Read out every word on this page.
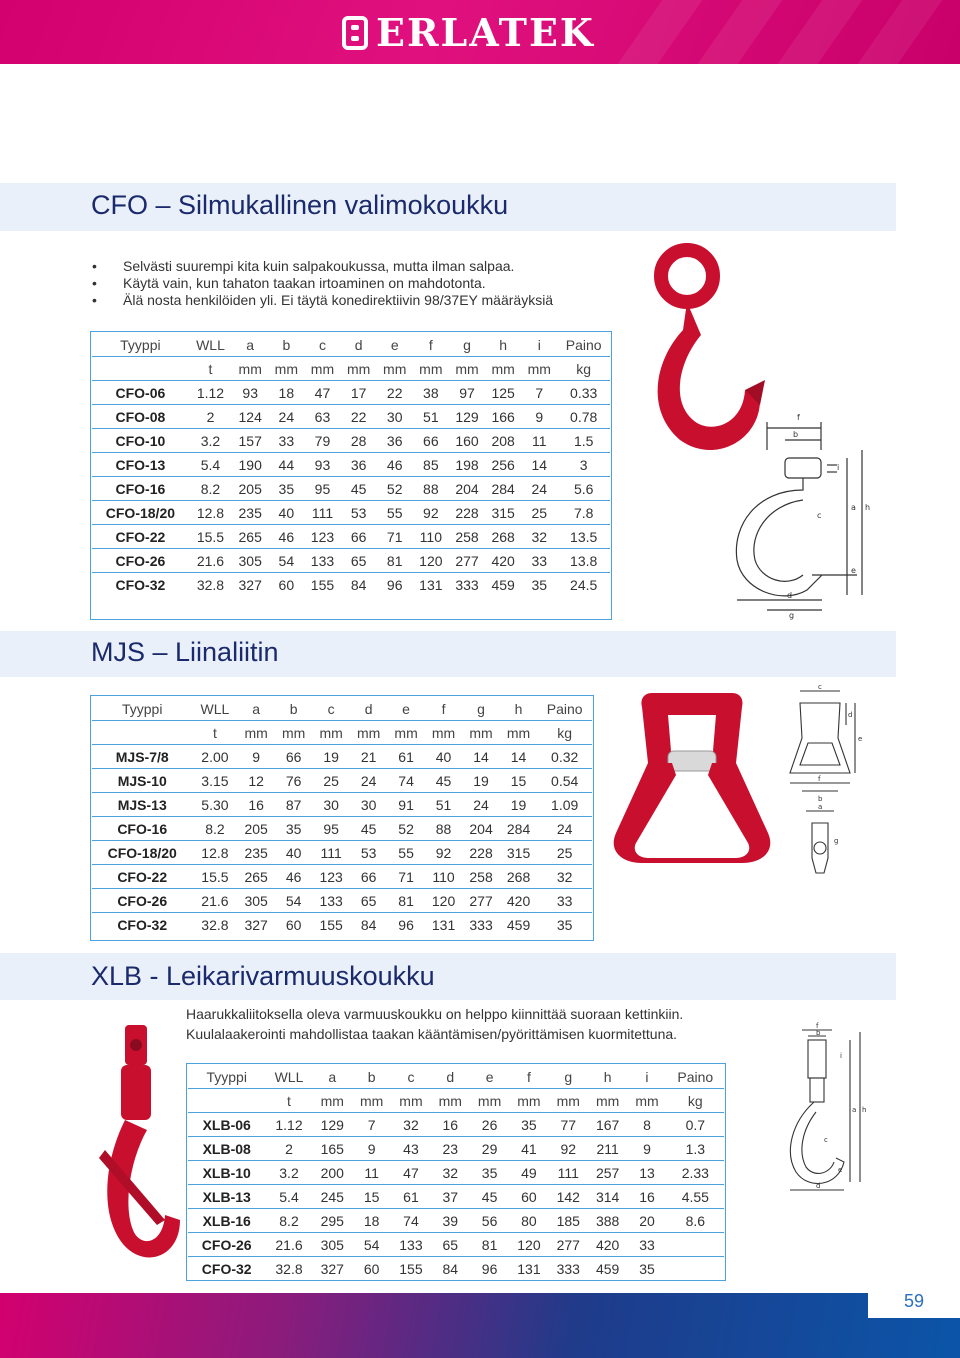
ERLATEK
CFO – Silmukallinen valimokoukku
• Selvästi suurempi kita kuin salpakoukussa, mutta ilman salpaa.
• Käytä vain, kun tahaton taakan irtoaminen on mahdotonta.
• Älä nosta henkilöiden yli. Ei täytä konedirektiivin 98/37EY määräyksiä
Tyyppi	WLL	a	b	c	d	e	f	g	h	i	Paino
	t	mm	mm	mm	mm	mm	mm	mm	mm	mm	kg
CFO-06	1.12	93	18	47	17	22	38	97	125	7	0.33
CFO-08	2	124	24	63	22	30	51	129	166	9	0.78
CFO-10	3.2	157	33	79	28	36	66	160	208	11	1.5
CFO-13	5.4	190	44	93	36	46	85	198	256	14	3
CFO-16	8.2	205	35	95	45	52	88	204	284	24	5.6
CFO-18/20	12.8	235	40	111	53	55	92	228	315	25	7.8
CFO-22	15.5	265	46	123	66	71	110	258	268	32	13.5
CFO-26	21.6	305	54	133	65	81	120	277	420	33	13.8
CFO-32	32.8	327	60	155	84	96	131	333	459	35	24.5
f
b
i
c
a h
e
d
g
MJS – Liinaliitin
Tyyppi	WLL	a	b	c	d	e	f	g	h	Paino
	t	mm	mm	mm	mm	mm	mm	mm	mm	kg
MJS-7/8	2.00	9	66	19	21	61	40	14	14	0.32
MJS-10	3.15	12	76	25	24	74	45	19	15	0.54
MJS-13	5.30	16	87	30	30	91	51	24	19	1.09
CFO-16	8.2	205	35	95	45	52	88	204	284	24
CFO-18/20	12.8	235	40	111	53	55	92	228	315	25
CFO-22	15.5	265	46	123	66	71	110	258	268	32
CFO-26	21.6	305	54	133	65	81	120	277	420	33
CFO-32	32.8	327	60	155	84	96	131	333	459	35
c
d
e
f
b
a
g
XLB - Leikarivarmuuskoukku
Haarukkaliitoksella oleva varmuuskoukku on helppo kiinnittää suoraan kettinkiin. Kuulalaakerointi mahdollistaa taakan kääntämisen/pyörittämisen kuormitettuna.
Tyyppi	WLL	a	b	c	d	e	f	g	h	i	Paino
	t	mm	mm	mm	mm	mm	mm	mm	mm	mm	kg
XLB-06	1.12	129	7	32	16	26	35	77	167	8	0.7
XLB-08	2	165	9	43	23	29	41	92	211	9	1.3
XLB-10	3.2	200	11	47	32	35	49	111	257	13	2.33
XLB-13	5.4	245	15	61	37	45	60	142	314	16	4.55
XLB-16	8.2	295	18	74	39	56	80	185	388	20	8.6
CFO-26	21.6	305	54	133	65	81	120	277	420	33	
CFO-32	32.8	327	60	155	84	96	131	333	459	35	
f
b
i
c
a h
e
d
59
